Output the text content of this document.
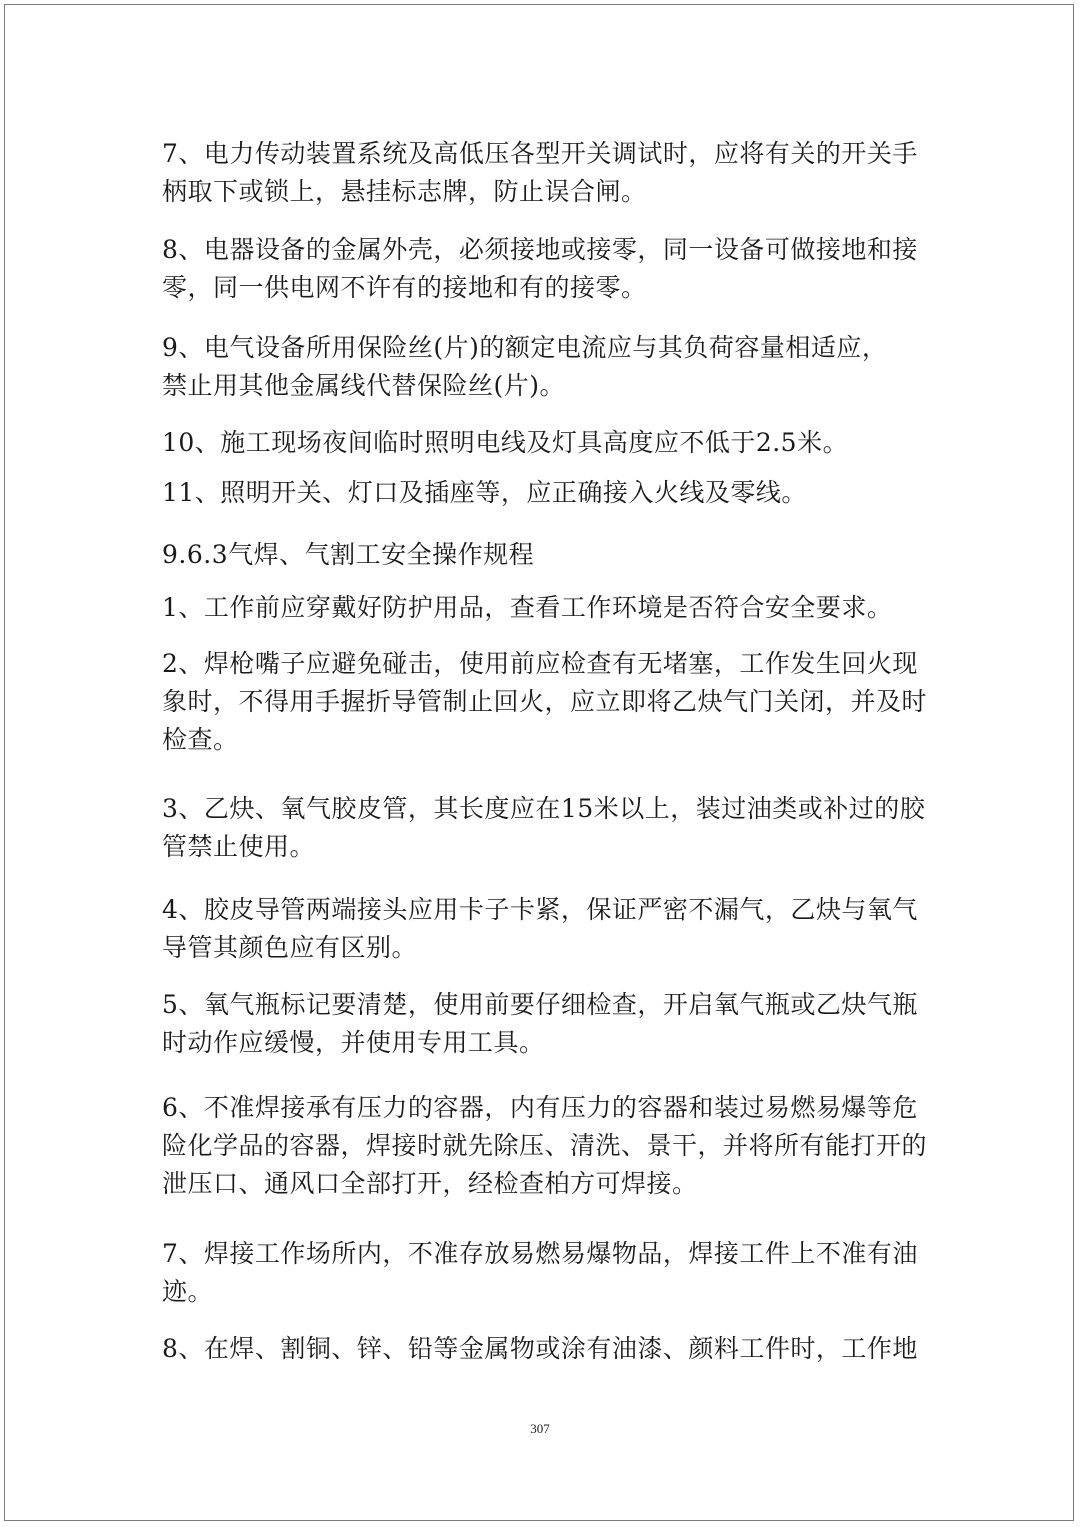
7、电力传动装置系统及高低压各型开关调试时，应将有关的开关手
柄取下或锁上，悬挂标志牌，防止误合闸。

8、电器设备的金属外壳，必须接地或接零，同一设备可做接地和接
零，同一供电网不许有的接地和有的接零。

9、电气设备所用保险丝(片)的额定电流应与其负荷容量相适应，
禁止用其他金属线代替保险丝(片)。

10、施工现场夜间临时照明电线及灯具高度应不低于2.5米。

11、照明开关、灯口及插座等，应正确接入火线及零线。

9.6.3气焊、气割工安全操作规程

1、工作前应穿戴好防护用品，查看工作环境是否符合安全要求。

2、焊枪嘴子应避免碰击，使用前应检查有无堵塞，工作发生回火现
象时，不得用手握折导管制止回火，应立即将乙炔气门关闭，并及时
检查。

3、乙炔、氧气胶皮管，其长度应在15米以上，装过油类或补过的胶
管禁止使用。

4、胶皮导管两端接头应用卡子卡紧，保证严密不漏气，乙炔与氧气
导管其颜色应有区别。

5、氧气瓶标记要清楚，使用前要仔细检查，开启氧气瓶或乙炔气瓶
时动作应缓慢，并使用专用工具。

6、不准焊接承有压力的容器，内有压力的容器和装过易燃易爆等危
险化学品的容器，焊接时就先除压、清洗、景干，并将所有能打开的
泄压口、通风口全部打开，经检查柏方可焊接。

7、焊接工作场所内，不准存放易燃易爆物品，焊接工件上不准有油
迹。

8、在焊、割铜、锌、铅等金属物或涂有油漆、颜料工件时，工作地

307
